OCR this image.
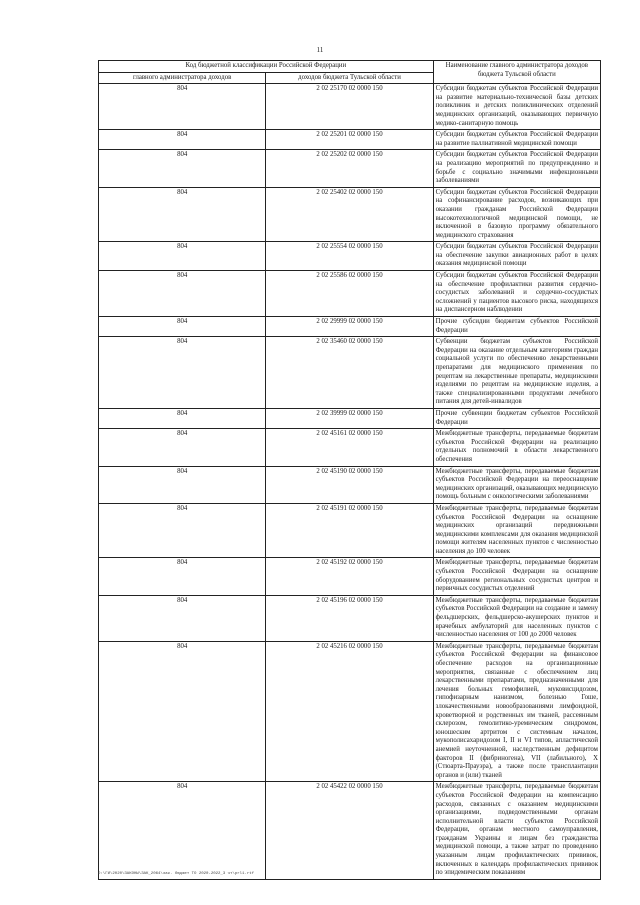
11
Код бюджетной классификации Российской Федерации		Наименование главного администратора доходов бюджета Тульской области
главного администратора доходов	доходов бюджета Тульской области	
804	2 02 25170 02 0000 150	Субсидии бюджетам субъектов Российской Федерации на развитие материально-технической базы детских поликлиник и детских поликлинических отделений медицинских организаций, оказывающих первичную медико-санитарную помощь
804	2 02 25201 02 0000 150	Субсидии бюджетам субъектов Российской Федерации на развитие паллиативной медицинской помощи
804	2 02 25202 02 0000 150	Субсидии бюджетам субъектов Российской Федерации на реализацию мероприятий по предупреждению и борьбе с социально значимыми инфекционными заболеваниями
804	2 02 25402 02 0000 150	Субсидии бюджетам субъектов Российской Федерации на софинансирование расходов, возникающих при оказании гражданам Российской Федерации высокотехнологичной медицинской помощи, не включенной в базовую программу обязательного медицинского страхования
804	2 02 25554 02 0000 150	Субсидии бюджетам субъектов Российской Федерации на обеспечение закупки авиационных работ в целях оказания медицинской помощи
804	2 02 25586 02 0000 150	Субсидии бюджетам субъектов Российской Федерации на обеспечение профилактики развития сердечно-сосудистых заболеваний и сердечно-сосудистых осложнений у пациентов высокого риска, находящихся на диспансерном наблюдении
804	2 02 29999 02 0000 150	Прочие субсидии бюджетам субъектов Российской Федерации
804	2 02 35460 02 0000 150	Субвенции бюджетам субъектов Российской Федерации на оказание отдельным категориям граждан социальной услуги по обеспечению лекарственными препаратами для медицинского применения по рецептам на лекарственные препараты, медицинскими изделиями по рецептам на медицинские изделия, а также специализированными продуктами лечебного питания для детей-инвалидов
804	2 02 39999 02 0000 150	Прочие субвенции бюджетам субъектов Российской Федерации
804	2 02 45161 02 0000 150	Межбюджетные трансферты, передаваемые бюджетам субъектов Российской Федерации на реализацию отдельных полномочий в области лекарственного обеспечения
804	2 02 45190 02 0000 150	Межбюджетные трансферты, передаваемые бюджетам субъектов Российской Федерации на переоснащение медицинских организаций, оказывающих медицинскую помощь больным с онкологическими заболеваниями
804	2 02 45191 02 0000 150	Межбюджетные трансферты, передаваемые бюджетам субъектов Российской Федерации на оснащение медицинских организаций передвижными медицинскими комплексами для оказания медицинской помощи жителям населенных пунктов с численностью населения до 100 человек
804	2 02 45192 02 0000 150	Межбюджетные трансферты, передаваемые бюджетам субъектов Российской Федерации на оснащение оборудованием региональных сосудистых центров и первичных сосудистых отделений
804	2 02 45196 02 0000 150	Межбюджетные трансферты, передаваемые бюджетам субъектов Российской Федерации на создание и замену фельдшерских, фельдшерско-акушерских пунктов и врачебных амбулаторий для населенных пунктов с численностью населения от 100 до 2000 человек
804	2 02 45216 02 0000 150	Межбюджетные трансферты, передаваемые бюджетам субъектов Российской Федерации на финансовое обеспечение расходов на организационные мероприятия, связанные с обеспечением лиц лекарственными препаратами, предназначенными для лечения больных гемофилией, муковисцидозом, гипофизарным нанизмом, болезнью Гоше, злокачественными новообразованиями лимфоидной, кроветворной и родственных им тканей, рассеянным склерозом, гемолитико-уремическим синдромом, юношеским артритом с системным началом, мукополисахаридозом I, II и VI типов, апластической анемией неуточненной, наследственным дефицитом факторов II (фибриногена), VII (лабильного), X (Стюарта-Прауэра), а также после трансплантации органов и (или) тканей
804	2 02 45422 02 0000 150	Межбюджетные трансферты, передаваемые бюджетам субъектов Российской Федерации на компенсацию расходов, связанных с оказанием медицинскими организациями, подведомственными органам исполнительной власти субъектов Российской Федерации, органам местного самоуправления, гражданам Украины и лицам без гражданства медицинской помощи, а также затрат по проведению указанным лицам профилактических прививок, включенных в календарь профилактических прививок по эпидемическим показаниям
D:\ГИ\2020\ЗАКОНЫ\ЗАК_2064\зак. бюджет ТО 2020-2022_3 чт\prl1.rtf
